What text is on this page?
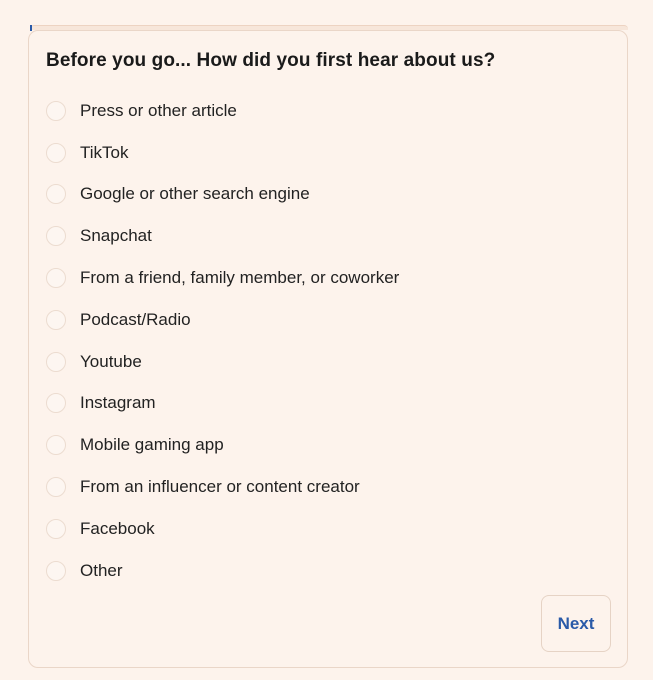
Before you go... How did you first hear about us?
Press or other article
TikTok
Google or other search engine
Snapchat
From a friend, family member, or coworker
Podcast/Radio
Youtube
Instagram
Mobile gaming app
From an influencer or content creator
Facebook
Other
Next
